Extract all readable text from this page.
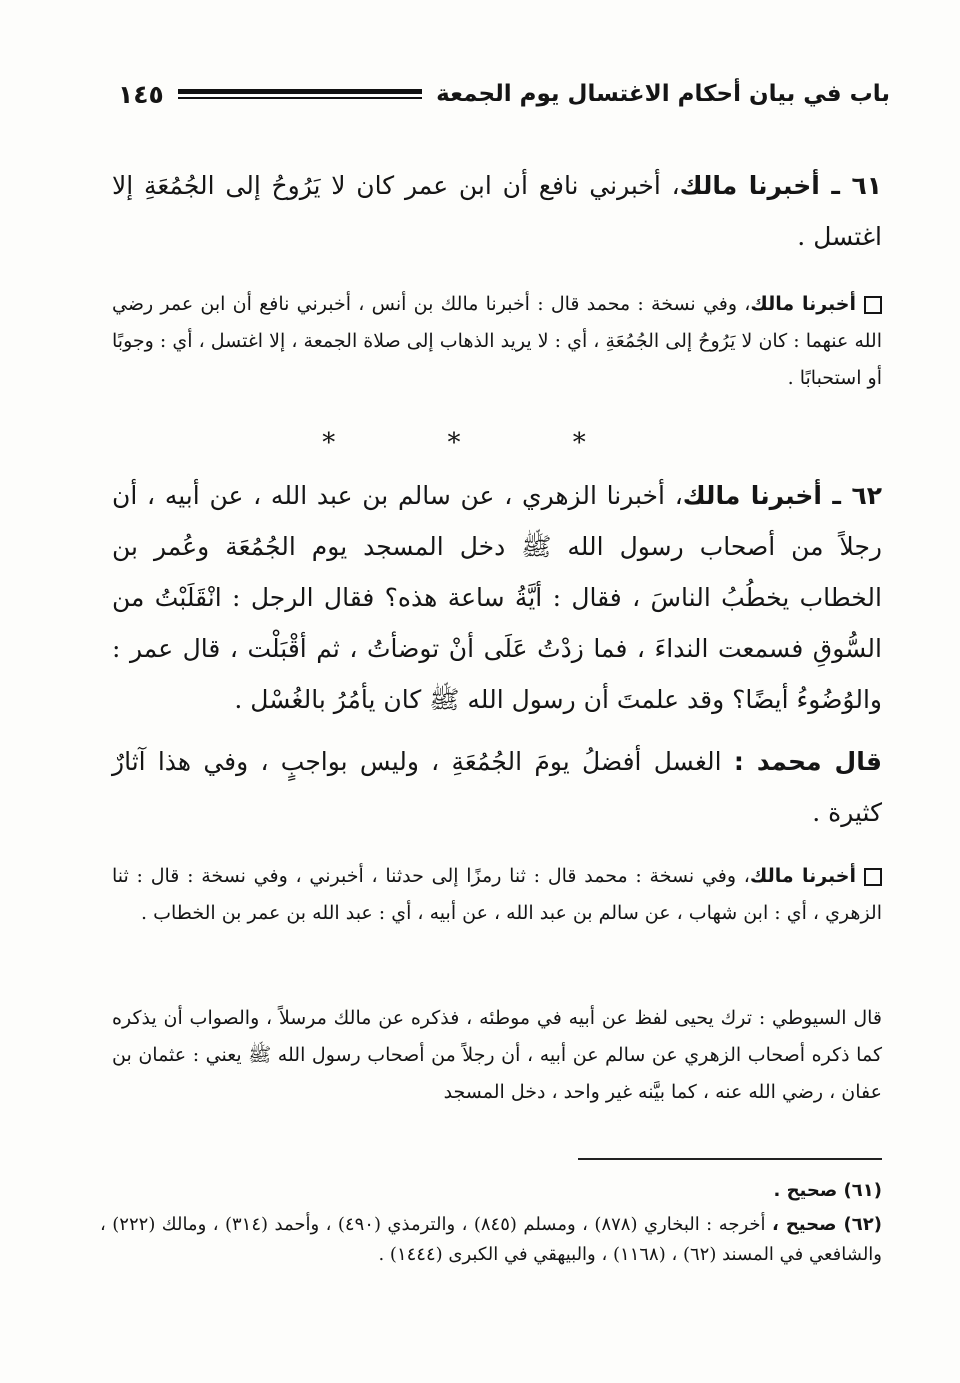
باب في بيان أحكام الاغتسال يوم الجمعة
١٤٥

٦١ ـ أخبرنا مالك، أخبرني نافع أن ابن عمر كان لا يَرُوحُ إلى الجُمُعَةِ إلا اغتسل .

أخبرنا مالك، وفي نسخة : محمد قال : أخبرنا مالك بن أنس ، أخبرني نافع أن ابن عمر رضي الله عنهما : كان لا يَرُوحُ إلى الجُمُعَةِ ، أي : لا يريد الذهاب إلى صلاة الجمعة ، إلا اغتسل ، أي : وجوبًا أو استحبابًا .

* * *

٦٢ ـ أخبرنا مالك، أخبرنا الزهري ، عن سالم بن عبد الله ، عن أبيه ، أن رجلاً من أصحاب رسول الله ﷺ دخل المسجد يوم الجُمُعَة وعُمر بن الخطاب يخطُبُ الناسَ ، فقال : أيَّةُ ساعة هذه؟ فقال الرجل : انْقَلَبْتُ من السُّوقِ فسمعت النداءَ ، فما زدْتُ عَلَى أنْ توضأتُ ، ثم أقْبَلْت ، قال عمر : والوُضُوءُ أيضًا؟ وقد علمتَ أن رسول الله ﷺ كان يأمُرُ بالغُسْل .

قال محمد : الغسل أفضلُ يومَ الجُمُعَةِ ، وليس بواجبٍ ، وفي هذا آثارٌ كثيرة .

أخبرنا مالك، وفي نسخة : محمد قال : ثنا رمزًا إلى حدثنا ، أخبرني ، وفي نسخة : قال : ثنا الزهري ، أي : ابن شهاب ، عن سالم بن عبد الله ، عن أبيه ، أي : عبد الله بن عمر بن الخطاب .

قال السيوطي : ترك يحيى لفظ عن أبيه في موطئه ، فذكره عن مالك مرسلاً ، والصواب أن يذكره كما ذكره أصحاب الزهري عن سالم عن أبيه ، أن رجلاً من أصحاب رسول الله ﷺ يعني : عثمان بن عفان ، رضي الله عنه ، كما بيَّنه غير واحد ، دخل المسجد

(٦١) صحيح .

(٦٢) صحيح ، أخرجه : البخاري (٨٧٨) ، ومسلم (٨٤٥) ، والترمذي (٤٩٠) ، وأحمد (٣١٤) ، ومالك (٢٢٢) ، والشافعي في المسند (٦٢) ، (١١٦٨) ، والبيهقي في الكبرى (١٤٤٤) .
